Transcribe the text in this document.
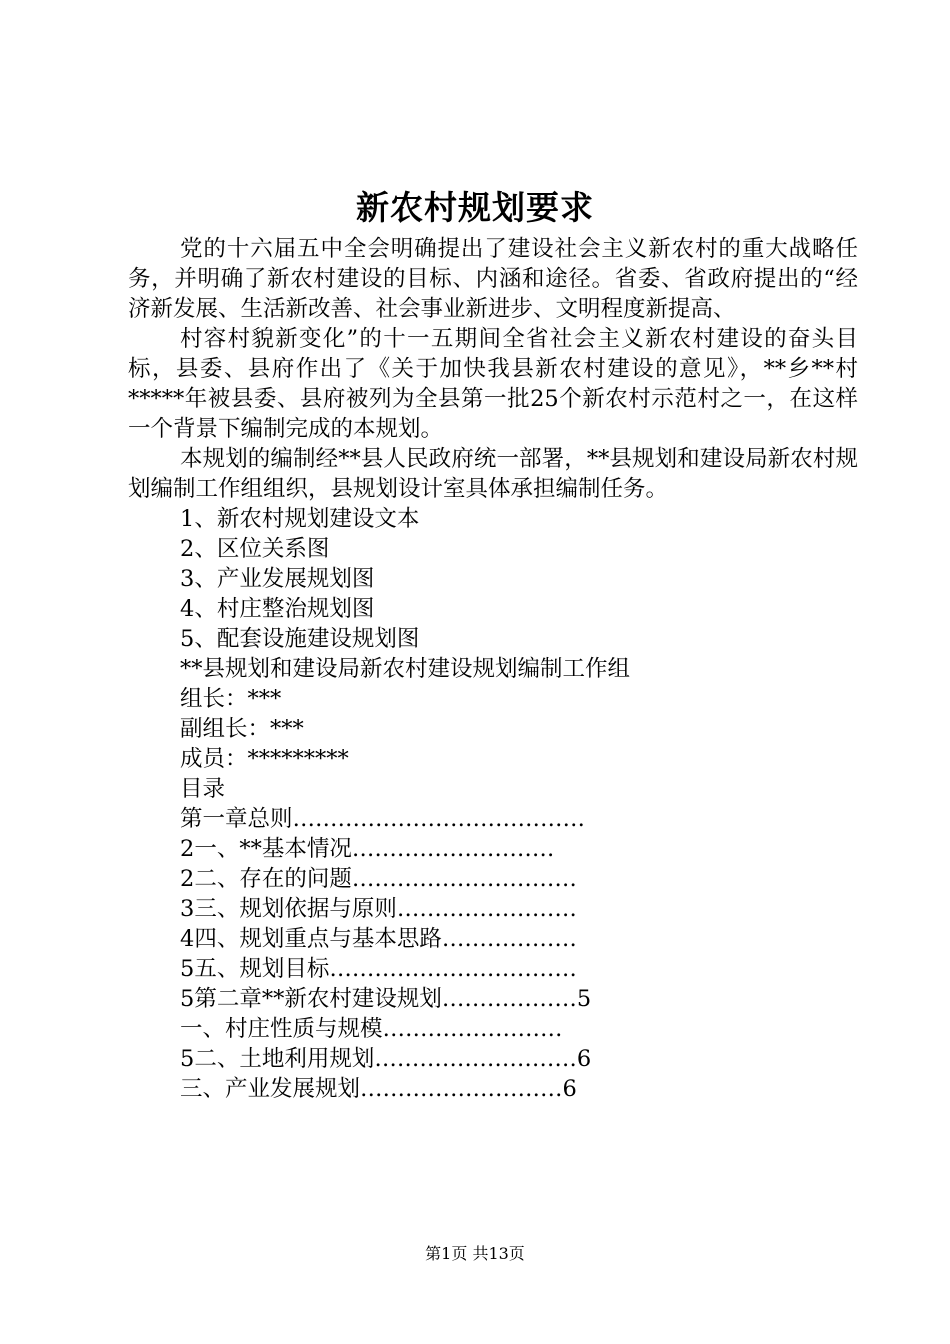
新农村规划要求

党的十六届五中全会明确提出了建设社会主义新农村的重大战略任务，并明确了新农村建设的目标、内涵和途径。省委、省政府提出的“经济新发展、生活新改善、社会事业新进步、文明程度新提高、

村容村貌新变化”的十一五期间全省社会主义新农村建设的奋头目标，县委、县府作出了《关于加快我县新农村建设的意见》，**乡**村*****年被县委、县府被列为全县第一批25个新农村示范村之一，在这样一个背景下编制完成的本规划。

本规划的编制经**县人民政府统一部署，**县规划和建设局新农村规划编制工作组组织，县规划设计室具体承担编制任务。

1、新农村规划建设文本

2、区位关系图

3、产业发展规划图

4、村庄整治规划图

5、配套设施建设规划图

**县规划和建设局新农村建设规划编制工作组

组长：***

副组长：***

成员：*********

目录

第一章总则…………………………………

2一、**基本情况………………………

2二、存在的问题…………………………

3三、规划依据与原则……………………

4四、规划重点与基本思路………………

5五、规划目标……………………………

5第二章**新农村建设规划………………5

一、村庄性质与规模……………………

5二、土地利用规划………………………6

三、产业发展规划………………………6

第1页 共13页
